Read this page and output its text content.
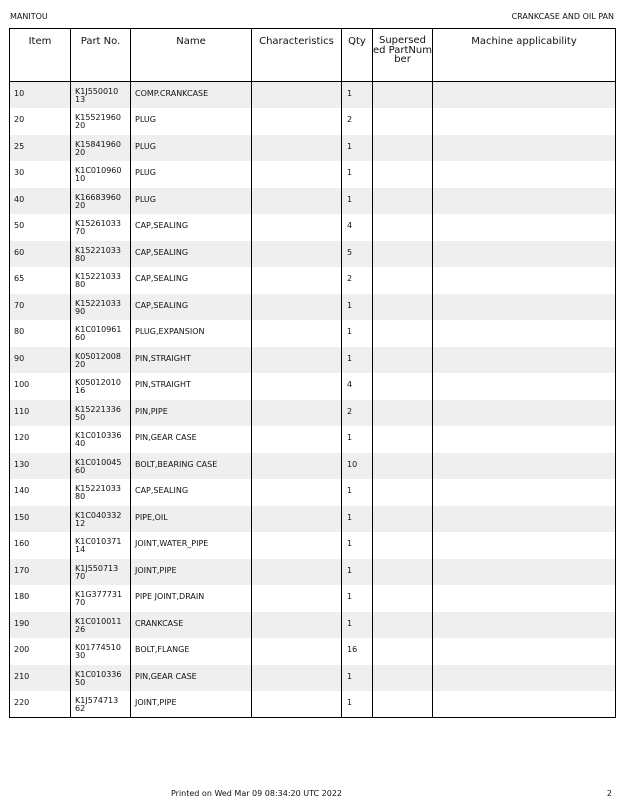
MANITOU	CRANKCASE AND OIL PAN
Item	Part No.	Name	Characteristics	Qty	Supersed ed PartNum ber	Machine applicability
10	K1J550010 13	COMP.CRANKCASE		1		
20	K15521960 20	PLUG		2		
25	K15841960 20	PLUG		1		
30	K1C010960 10	PLUG		1		
40	K16683960 20	PLUG		1		
50	K15261033 70	CAP,SEALING		4		
60	K15221033 80	CAP,SEALING		5		
65	K15221033 80	CAP,SEALING		2		
70	K15221033 90	CAP,SEALING		1		
80	K1C010961 60	PLUG,EXPANSION		1		
90	K05012008 20	PIN,STRAIGHT		1		
100	K05012010 16	PIN,STRAIGHT		4		
110	K15221336 50	PIN,PIPE		2		
120	K1C010336 40	PIN,GEAR CASE		1		
130	K1C010045 60	BOLT,BEARING CASE		10		
140	K15221033 80	CAP,SEALING		1		
150	K1C040332 12	PIPE,OIL		1		
160	K1C010371 14	JOINT,WATER_PIPE		1		
170	K1J550713 70	JOINT,PIPE		1		
180	K1G377731 70	PIPE JOINT,DRAIN		1		
190	K1C010011 26	CRANKCASE		1		
200	K01774510 30	BOLT,FLANGE		16		
210	K1C010336 50	PIN,GEAR CASE		1		
220	K1J574713 62	JOINT,PIPE		1		
Printed on Wed Mar 09 08:34:20 UTC 2022	2
